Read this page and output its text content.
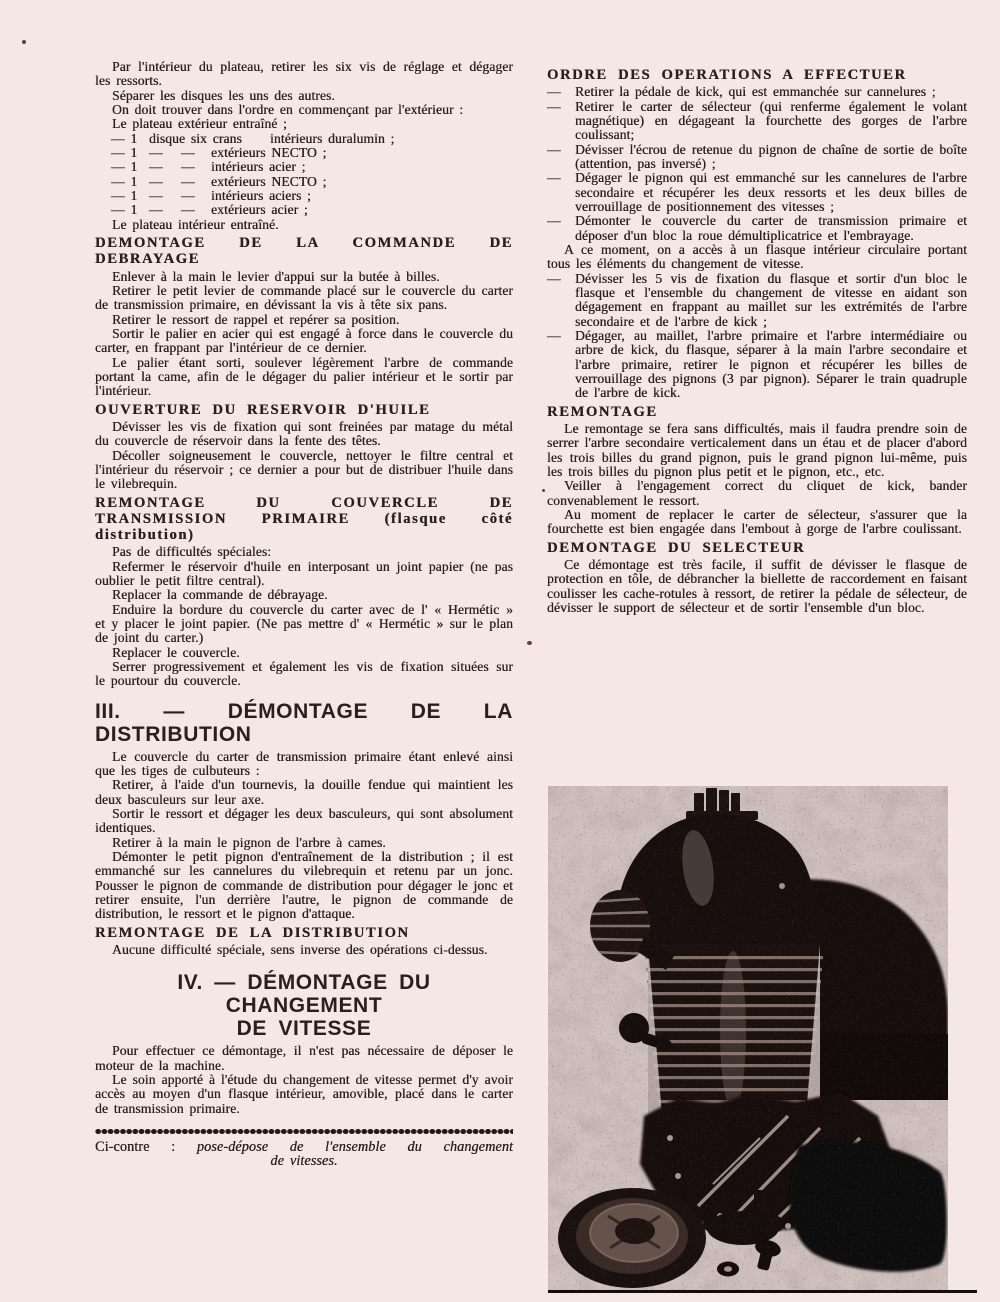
Par l'intérieur du plateau, retirer les six vis de réglage et dégager les ressorts.

Séparer les disques les uns des autres.

On doit trouver dans l'ordre en commençant par l'extérieur :

Le plateau extérieur entraîné ;
— 1 disque six crans	intérieurs duralumin ;
— 1 —	—	extérieurs NECTO ;
— 1 —	—	intérieurs acier ;
— 1 —	—	extérieurs NECTO ;
— 1 —	—	intérieurs aciers ;
— 1 —	—	extérieurs acier ;
Le plateau intérieur entraîné.
DEMONTAGE DE LA COMMANDE DE DEBRAYAGE

Enlever à la main le levier d'appui sur la butée à billes.

Retirer le petit levier de commande placé sur le couvercle du carter de transmission primaire, en dévissant la vis à tête six pans.

Retirer le ressort de rappel et repérer sa position.

Sortir le palier en acier qui est engagé à force dans le couvercle du carter, en frappant par l'intérieur de ce dernier.

Le palier étant sorti, soulever légèrement l'arbre de commande portant la came, afin de le dégager du palier intérieur et le sortir par l'intérieur.

OUVERTURE DU RESERVOIR D'HUILE

Dévisser les vis de fixation qui sont freinées par matage du métal du couvercle de réservoir dans la fente des têtes.

Décoller soigneusement le couvercle, nettoyer le filtre central et l'intérieur du réservoir ; ce dernier a pour but de distribuer l'huile dans le vilebrequin.

REMONTAGE DU COUVERCLE DE TRANSMISSION PRIMAIRE (flasque côté distribution)

Pas de difficultés spéciales:

Refermer le réservoir d'huile en interposant un joint papier (ne pas oublier le petit filtre central).

Replacer la commande de débrayage.

Enduire la bordure du couvercle du carter avec de l' « Hermétic » et y placer le joint papier. (Ne pas mettre d' « Hermétic » sur le plan de joint du carter.)

Replacer le couvercle.

Serrer progressivement et également les vis de fixation situées sur le pourtour du couvercle.

III. — DÉMONTAGE DE LA DISTRIBUTION

Le couvercle du carter de transmission primaire étant enlevé ainsi que les tiges de culbuteurs :

Retirer, à l'aide d'un tournevis, la douille fendue qui maintient les deux basculeurs sur leur axe.

Sortir le ressort et dégager les deux basculeurs, qui sont absolument identiques.

Retirer à la main le pignon de l'arbre à cames.

Démonter le petit pignon d'entraînement de la distribution ; il est emmanché sur les cannelures du vilebrequin et retenu par un jonc. Pousser le pignon de commande de distribution pour dégager le jonc et retirer ensuite, l'un derrière l'autre, le pignon de commande de distribution, le ressort et le pignon d'attaque.

REMONTAGE DE LA DISTRIBUTION

Aucune difficulté spéciale, sens inverse des opérations ci-dessus.

IV. — DÉMONTAGE DU CHANGEMENT
DE VITESSE

Pour effectuer ce démontage, il n'est pas nécessaire de déposer le moteur de la machine.

Le soin apporté à l'étude du changement de vitesse permet d'y avoir accès au moyen d'un flasque intérieur, amovible, placé dans le carter de transmission primaire.

Ci-contre : pose-dépose de l'ensemble du changement
de vitesses.
ORDRE DES OPERATIONS A EFFECTUER
— Retirer la pédale de kick, qui est emmanchée sur cannelures ;
— Retirer le carter de sélecteur (qui renferme également le volant magnétique) en dégageant la fourchette des gorges de l'arbre coulissant;
— Dévisser l'écrou de retenue du pignon de chaîne de sortie de boîte (attention, pas inversé) ;
— Dégager le pignon qui est emmanché sur les cannelures de l'arbre secondaire et récupérer les deux ressorts et les deux billes de verrouillage de positionnement des vitesses ;
— Démonter le couvercle du carter de transmission primaire et déposer d'un bloc la roue démultiplicatrice et l'embrayage.

A ce moment, on a accès à un flasque intérieur circulaire portant tous les éléments du changement de vitesse.

— Dévisser les 5 vis de fixation du flasque et sortir d'un bloc le flasque et l'ensemble du changement de vitesse en aidant son dégagement en frappant au maillet sur les extrémités de l'arbre secondaire et de l'arbre de kick ;
— Dégager, au maillet, l'arbre primaire et l'arbre intermédiaire ou arbre de kick, du flasque, séparer à la main l'arbre secondaire et l'arbre primaire, retirer le pignon et récupérer les billes de verrouillage des pignons (3 par pignon). Séparer le train quadruple de l'arbre de kick.
REMONTAGE

Le remontage se fera sans difficultés, mais il faudra prendre soin de serrer l'arbre secondaire verticalement dans un étau et de placer d'abord les trois billes du grand pignon, puis le grand pignon lui-même, puis les trois billes du pignon plus petit et le pignon, etc., etc.

Veiller à l'engagement correct du cliquet de kick, bander convenablement le ressort.

Au moment de replacer le carter de sélecteur, s'assurer que la fourchette est bien engagée dans l'embout à gorge de l'arbre coulissant.

DEMONTAGE DU SELECTEUR

Ce démontage est très facile, il suffit de dévisser le flasque de protection en tôle, de débrancher la biellette de raccordement en faisant coulisser les cache-rotules à ressort, de retirer la pédale de sélecteur, de dévisser le support de sélecteur et de sortir l'ensemble d'un bloc.
